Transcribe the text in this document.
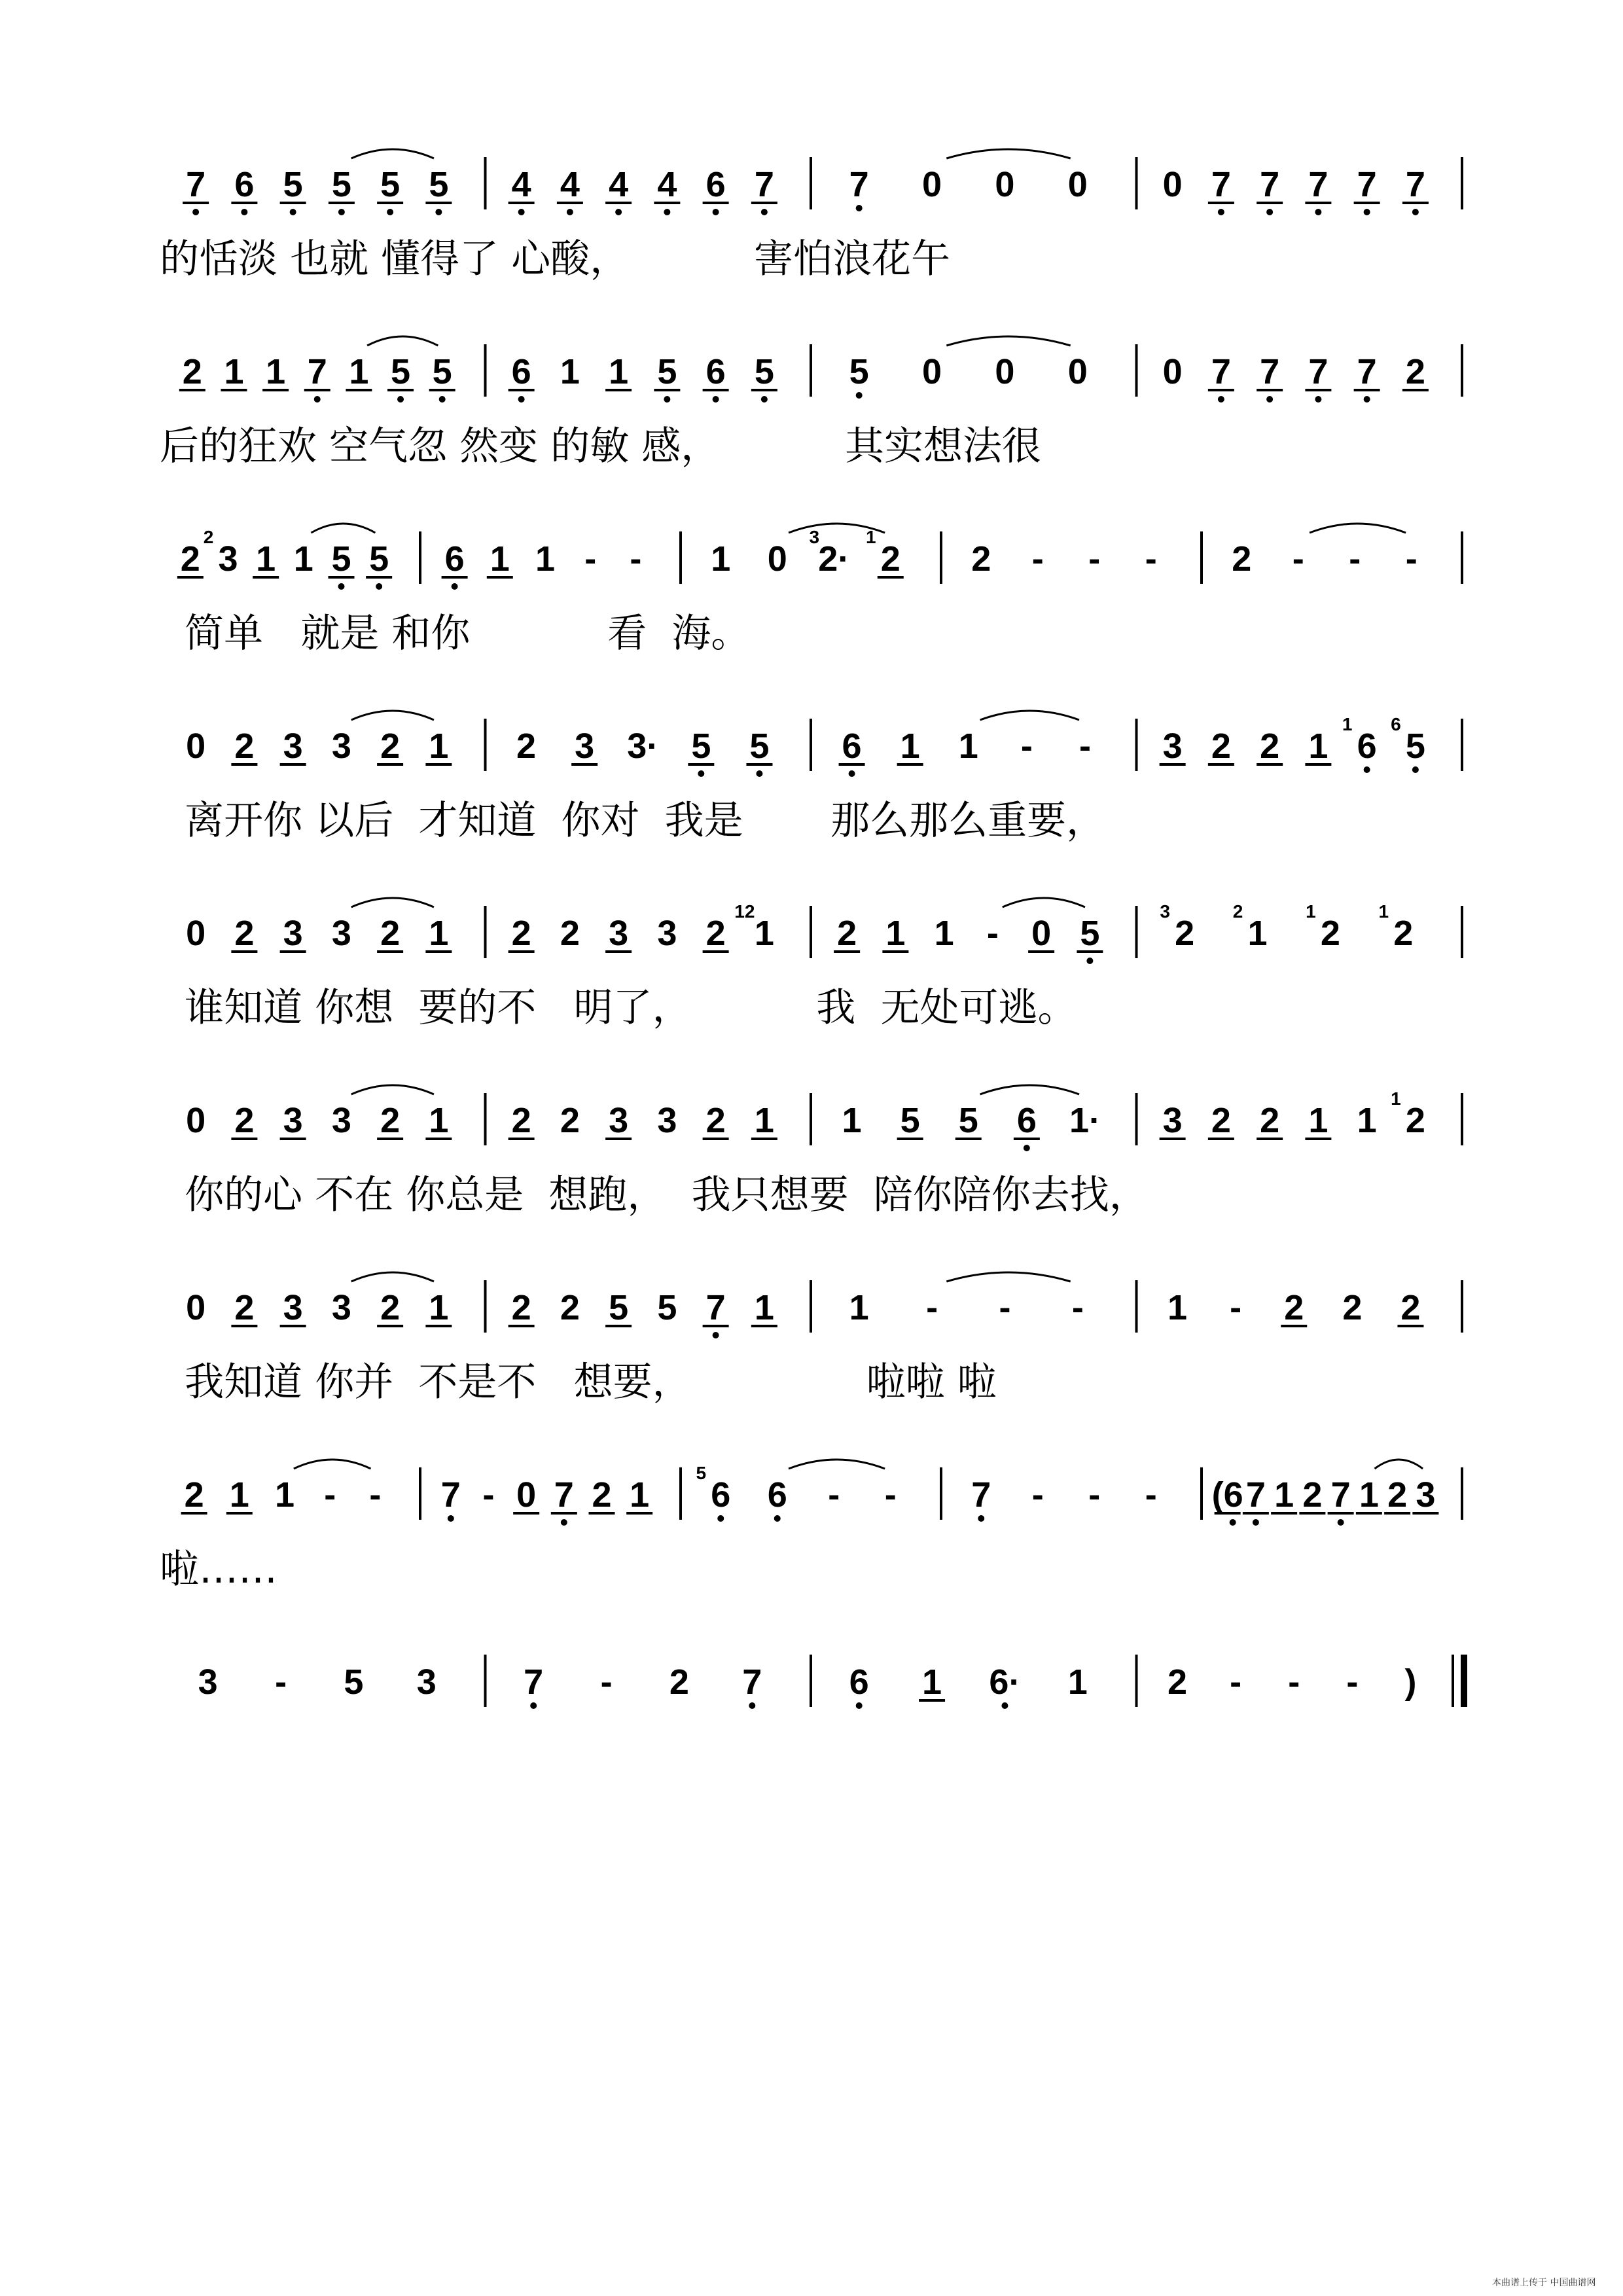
7 6 5 5 5 5 4 4 4 4 6 7 7 0 0 0 0 7 7 7 7 7
的恬淡 也就 懂得了 心酸，          害怕浪花午
2 1 1 7 1 5 5 6 1 1 5 6 5 5 0 0 0 0 7 7 7 7 2
后的狂欢 空气忽 然变 的敏 感，          其实想法很
2 3
2
1 1 5 5 6 1 1 - - 1 0 2·
3
2
1
2 - - - 2 - - -
简单   就是 和你           看  海。
0 2 3 3 2 1 2 3 3· 5 5 6 1 1 - - 3 2 2 1 6
1
5
6
离开你 以后  才知道  你对  我是       那么那么重要，
0 2 3 3 2 1 2 2 3 3 2 1
12
2 1 1 - 0 5 2
3
1
2
2
1
2
1
谁知道 你想  要的不   明了，          我  无处可逃。
0 2 3 3 2 1 2 2 3 3 2 1 1 5 5 6 1· 3 2 2 1 1 2
1
你的心 不在 你总是  想跑，  我只想要  陪你陪你去找，
0 2 3 3 2 1 2 2 5 5 7 1 1 - - - 1 - 2 2 2
我知道 你并  不是不   想要，              啦啦 啦
2 1 1 - - 7 - 0 7 2 1 6
5
6 - - 7 - - - (6 7 1 2 7 1 2 3
啦……
3 - 5 3 7 - 2 7 6 1 6· 1 2 - - - )
本曲谱上传于 中国曲谱网
